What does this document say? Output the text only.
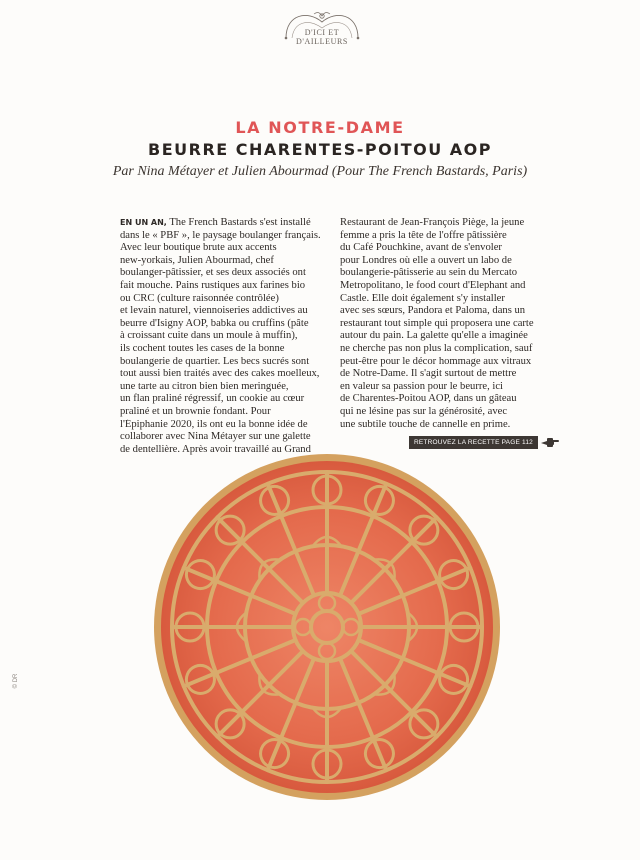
D'ICI ET D'AILLEURS
LA NOTRE-DAME
BEURRE CHARENTES-POITOU AOP
Par Nina Métayer et Julien Abourmad (Pour The French Bastards, Paris)
EN UN AN, The French Bastards s'est installé
dans le « PBF », le paysage boulanger français.
Avec leur boutique brute aux accents
new-yorkais, Julien Abourmad, chef
boulanger-pâtissier, et ses deux associés ont
fait mouche. Pains rustiques aux farines bio
ou CRC (culture raisonnée contrôlée)
et levain naturel, viennoiseries addictives au
beurre d'Isigny AOP, babka ou cruffins (pâte
à croissant cuite dans un moule à muffin),
ils cochent toutes les cases de la bonne
boulangerie de quartier. Les becs sucrés sont
tout aussi bien traités avec des cakes moelleux,
une tarte au citron bien bien meringuée,
un flan praliné régressif, un cookie au cœur
praliné et un brownie fondant. Pour
l'Épiphanie 2020, ils ont eu la bonne idée de
collaborer avec Nina Métayer sur une galette
de dentellière. Après avoir travaillé au Grand
Restaurant de Jean-François Piège, la jeune
femme a pris la tête de l'offre pâtissière
du Café Pouchkine, avant de s'envoler
pour Londres où elle a ouvert un labo de
boulangerie-pâtisserie au sein du Mercato
Metropolitano, le food court d'Elephant and
Castle. Elle doit également s'y installer
avec ses sœurs, Pandora et Paloma, dans un
restaurant tout simple qui proposera une carte
autour du pain. La galette qu'elle a imaginée
ne cherche pas non plus la complication, sauf
peut-être pour le décor hommage aux vitraux
de Notre-Dame. Il s'agit surtout de mettre
en valeur sa passion pour le beurre, ici
de Charentes-Poitou AOP, dans un gâteau
qui ne lésine pas sur la générosité, avec
une subtile touche de cannelle en prime.
RETROUVEZ LA RECETTE PAGE 112
© DR
